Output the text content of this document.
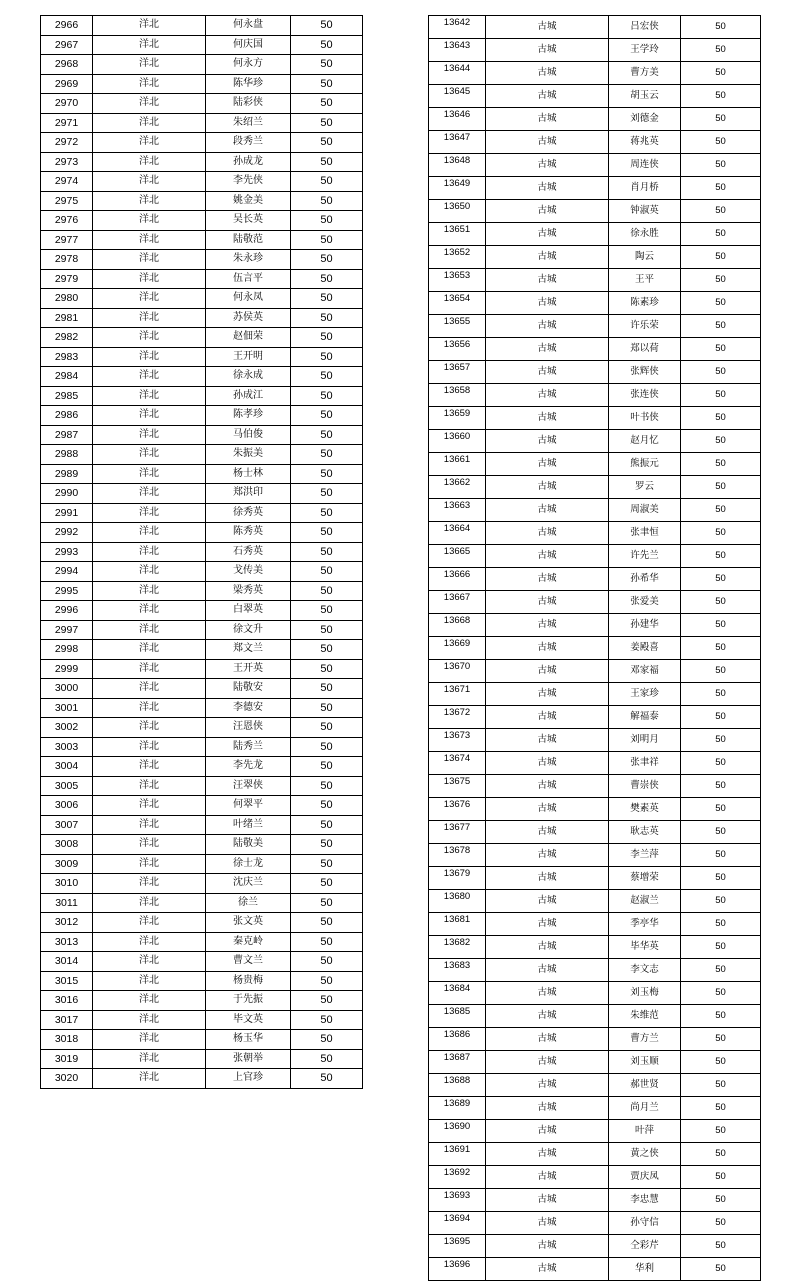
2966	洋北	何永盘	50
2967	洋北	何庆国	50
2968	洋北	何永方	50
2969	洋北	陈华珍	50
2970	洋北	陆彩侠	50
2971	洋北	朱绍兰	50
2972	洋北	段秀兰	50
2973	洋北	孙成龙	50
2974	洋北	李先侠	50
2975	洋北	姚金美	50
2976	洋北	吴长英	50
2977	洋北	陆敬范	50
2978	洋北	朱永珍	50
2979	洋北	伍言平	50
2980	洋北	何永凤	50
2981	洋北	苏侯英	50
2982	洋北	赵佃荣	50
2983	洋北	王开明	50
2984	洋北	徐永成	50
2985	洋北	孙成江	50
2986	洋北	陈孝珍	50
2987	洋北	马伯俊	50
2988	洋北	朱振美	50
2989	洋北	杨士林	50
2990	洋北	郑洪印	50
2991	洋北	徐秀英	50
2992	洋北	陈秀英	50
2993	洋北	石秀英	50
2994	洋北	戈传美	50
2995	洋北	梁秀英	50
2996	洋北	白翠英	50
2997	洋北	徐文升	50
2998	洋北	郑文兰	50
2999	洋北	王开英	50
3000	洋北	陆敬安	50
3001	洋北	李德安	50
3002	洋北	汪恩侠	50
3003	洋北	陆秀兰	50
3004	洋北	李先龙	50
3005	洋北	汪翠侠	50
3006	洋北	何翠平	50
3007	洋北	叶绪兰	50
3008	洋北	陆敬美	50
3009	洋北	徐士龙	50
3010	洋北	沈庆兰	50
3011	洋北	徐兰	50
3012	洋北	张文英	50
3013	洋北	秦克岭	50
3014	洋北	曹文兰	50
3015	洋北	杨贵梅	50
3016	洋北	于先振	50
3017	洋北	毕文英	50
3018	洋北	杨玉华	50
3019	洋北	张朝举	50
3020	洋北	上官珍	50
13642	古城	吕宏侠	50
13643	古城	王学玲	50
13644	古城	曹方美	50
13645	古城	胡玉云	50
13646	古城	刘德金	50
13647	古城	蒋兆英	50
13648	古城	周连侠	50
13649	古城	肖月桥	50
13650	古城	钟淑英	50
13651	古城	徐永胜	50
13652	古城	陶云	50
13653	古城	王平	50
13654	古城	陈素珍	50
13655	古城	许乐荣	50
13656	古城	郑以荷	50
13657	古城	张辉侠	50
13658	古城	张连侠	50
13659	古城	叶书侠	50
13660	古城	赵月忆	50
13661	古城	熊振元	50
13662	古城	罗云	50
13663	古城	周淑美	50
13664	古城	张聿恒	50
13665	古城	许先兰	50
13666	古城	孙希华	50
13667	古城	张爱美	50
13668	古城	孙建华	50
13669	古城	姜殿喜	50
13670	古城	邓家福	50
13671	古城	王家珍	50
13672	古城	解福泰	50
13673	古城	刘明月	50
13674	古城	张聿祥	50
13675	古城	曹崇侠	50
13676	古城	樊素英	50
13677	古城	耿志英	50
13678	古城	李兰萍	50
13679	古城	蔡增荣	50
13680	古城	赵淑兰	50
13681	古城	季亭华	50
13682	古城	毕华英	50
13683	古城	李文志	50
13684	古城	刘玉梅	50
13685	古城	朱维范	50
13686	古城	曹方兰	50
13687	古城	刘玉顺	50
13688	古城	郝世贤	50
13689	古城	尚月兰	50
13690	古城	叶萍	50
13691	古城	黄之侠	50
13692	古城	贾庆凤	50
13693	古城	李忠慧	50
13694	古城	孙守信	50
13695	古城	仝彩芹	50
13696	古城	华利	50
